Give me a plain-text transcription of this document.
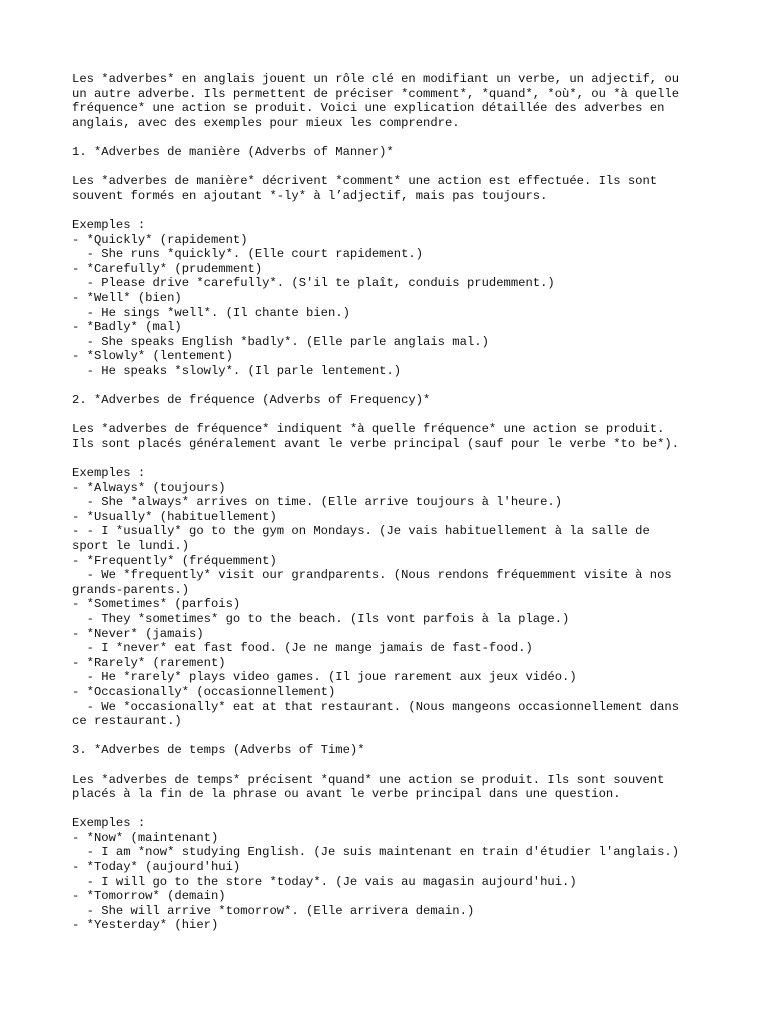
Les *adverbes* en anglais jouent un rôle clé en modifiant un verbe, un adjectif, ou
un autre adverbe. Ils permettent de préciser *comment*, *quand*, *où*, ou *à quelle
fréquence* une action se produit. Voici une explication détaillée des adverbes en
anglais, avec des exemples pour mieux les comprendre.
1. *Adverbes de manière (Adverbs of Manner)*
Les *adverbes de manière* décrivent *comment* une action est effectuée. Ils sont
souvent formés en ajoutant *-ly* à l’adjectif, mais pas toujours.
Exemples :
- *Quickly* (rapidement)
- She runs *quickly*. (Elle court rapidement.)
- *Carefully* (prudemment)
- Please drive *carefully*. (S'il te plaît, conduis prudemment.)
- *Well* (bien)
- He sings *well*. (Il chante bien.)
- *Badly* (mal)
- She speaks English *badly*. (Elle parle anglais mal.)
- *Slowly* (lentement)
- He speaks *slowly*. (Il parle lentement.)
2. *Adverbes de fréquence (Adverbs of Frequency)*
Les *adverbes de fréquence* indiquent *à quelle fréquence* une action se produit.
Ils sont placés généralement avant le verbe principal (sauf pour le verbe *to be*).
Exemples :
- *Always* (toujours)
- She *always* arrives on time. (Elle arrive toujours à l'heure.)
- *Usually* (habituellement)
- - I *usually* go to the gym on Mondays. (Je vais habituellement à la salle de
sport le lundi.)
- *Frequently* (fréquemment)
- We *frequently* visit our grandparents. (Nous rendons fréquemment visite à nos
grands-parents.)
- *Sometimes* (parfois)
- They *sometimes* go to the beach. (Ils vont parfois à la plage.)
- *Never* (jamais)
- I *never* eat fast food. (Je ne mange jamais de fast-food.)
- *Rarely* (rarement)
- He *rarely* plays video games. (Il joue rarement aux jeux vidéo.)
- *Occasionally* (occasionnellement)
- We *occasionally* eat at that restaurant. (Nous mangeons occasionnellement dans
ce restaurant.)
3. *Adverbes de temps (Adverbs of Time)*
Les *adverbes de temps* précisent *quand* une action se produit. Ils sont souvent
placés à la fin de la phrase ou avant le verbe principal dans une question.
Exemples :
- *Now* (maintenant)
- I am *now* studying English. (Je suis maintenant en train d'étudier l'anglais.)
- *Today* (aujourd'hui)
- I will go to the store *today*. (Je vais au magasin aujourd'hui.)
- *Tomorrow* (demain)
- She will arrive *tomorrow*. (Elle arrivera demain.)
- *Yesterday* (hier)
